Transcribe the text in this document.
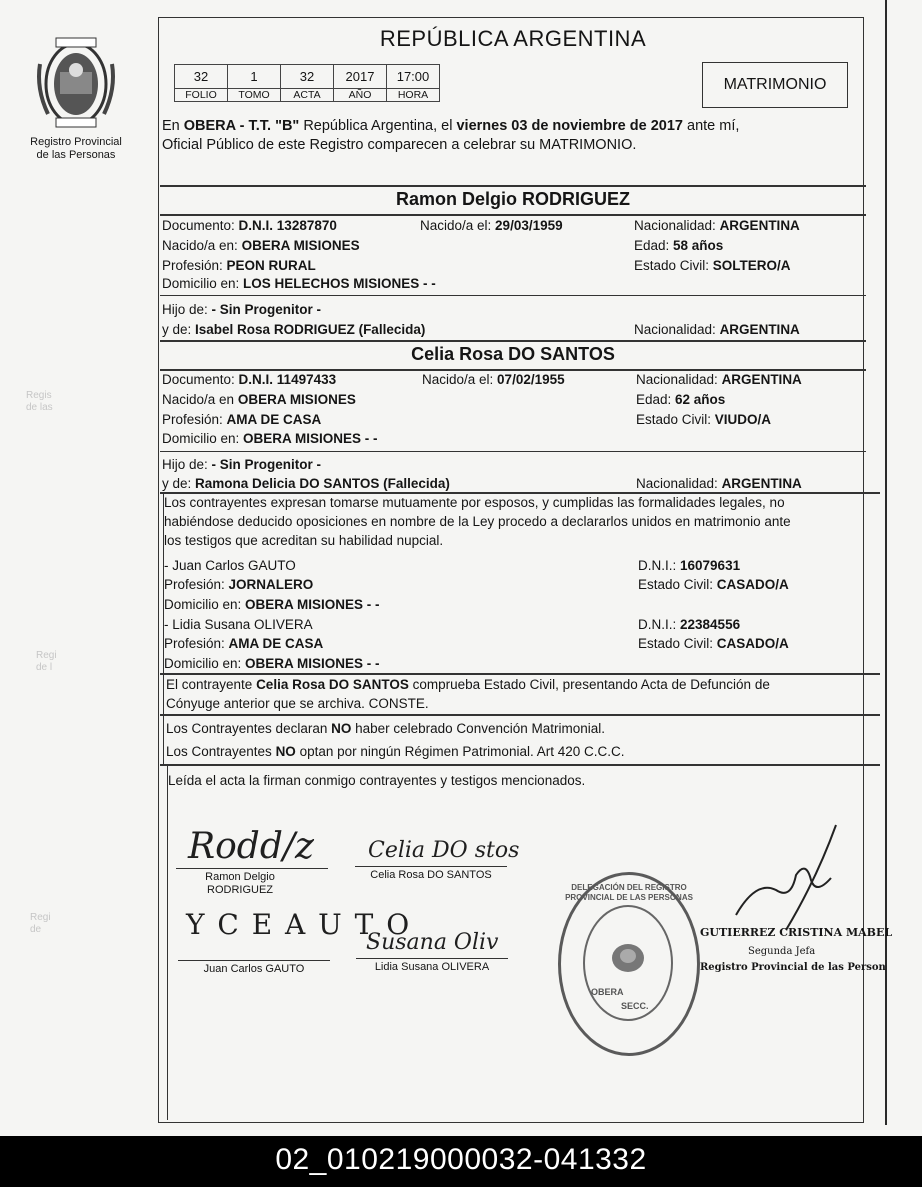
Registro Provincial
de las Personas
Regis
de las
Regi
de l
Regi
de
REPÚBLICA ARGENTINA
32	1	32	2017	17:00
FOLIO	TOMO	ACTA	AÑO	HORA
MATRIMONIO
En OBERA - T.T. "B" República Argentina, el viernes 03 de noviembre de 2017 ante mí,
Oficial Público de este Registro comparecen a celebrar su MATRIMONIO.
Ramon Delgio RODRIGUEZ
Documento: D.N.I. 13287870	Nacido/a el: 29/03/1959	Nacionalidad: ARGENTINA
Nacido/a en: OBERA MISIONES	Edad: 58 años
Profesión: PEON RURAL	Estado Civil: SOLTERO/A
Domicilio en: LOS HELECHOS MISIONES - -
Hijo de: - Sin Progenitor -
y de: Isabel Rosa RODRIGUEZ (Fallecida)	Nacionalidad: ARGENTINA
Celia Rosa DO SANTOS
Documento: D.N.I. 11497433	Nacido/a el: 07/02/1955	Nacionalidad: ARGENTINA
Nacido/a en OBERA MISIONES	Edad: 62 años
Profesión: AMA DE CASA	Estado Civil: VIUDO/A
Domicilio en: OBERA MISIONES - -
Hijo de: - Sin Progenitor -
y de: Ramona Delicia DO SANTOS (Fallecida)	Nacionalidad: ARGENTINA
Los contrayentes expresan tomarse mutuamente por esposos, y cumplidas las formalidades legales, no
habiéndose deducido oposiciones en nombre de la Ley procedo a declararlos unidos en matrimonio ante
los testigos que acreditan su habilidad nupcial.
- Juan Carlos GAUTO	D.N.I.: 16079631
Profesión: JORNALERO	Estado Civil: CASADO/A
Domicilio en: OBERA MISIONES - -
- Lidia Susana OLIVERA	D.N.I.: 22384556
Profesión: AMA DE CASA	Estado Civil: CASADO/A
Domicilio en: OBERA MISIONES - -
El contrayente Celia Rosa DO SANTOS comprueba Estado Civil, presentando Acta de Defunción de
Cónyuge anterior que se archiva. CONSTE.
Los Contrayentes declaran NO haber celebrado Convención Matrimonial.
Los Contrayentes NO optan por ningún Régimen Patrimonial. Art 420 C.C.C.
Leída el acta la firman conmigo contrayentes y testigos mencionados.
Rodd/z
Ramon Delgio
RODRIGUEZ
Celia DO stos
Celia Rosa DO SANTOS
Y C E A U T O
Juan Carlos GAUTO
Susana Oliv
Lidia Susana OLIVERA
DELEGACIÓN DEL REGISTRO PROVINCIAL DE LAS PERSONAS
OBERA
SECC.
GUTIERREZ CRISTINA MABEL
Segunda Jefa
Registro Provincial de las Person
02_010219000032-041332
